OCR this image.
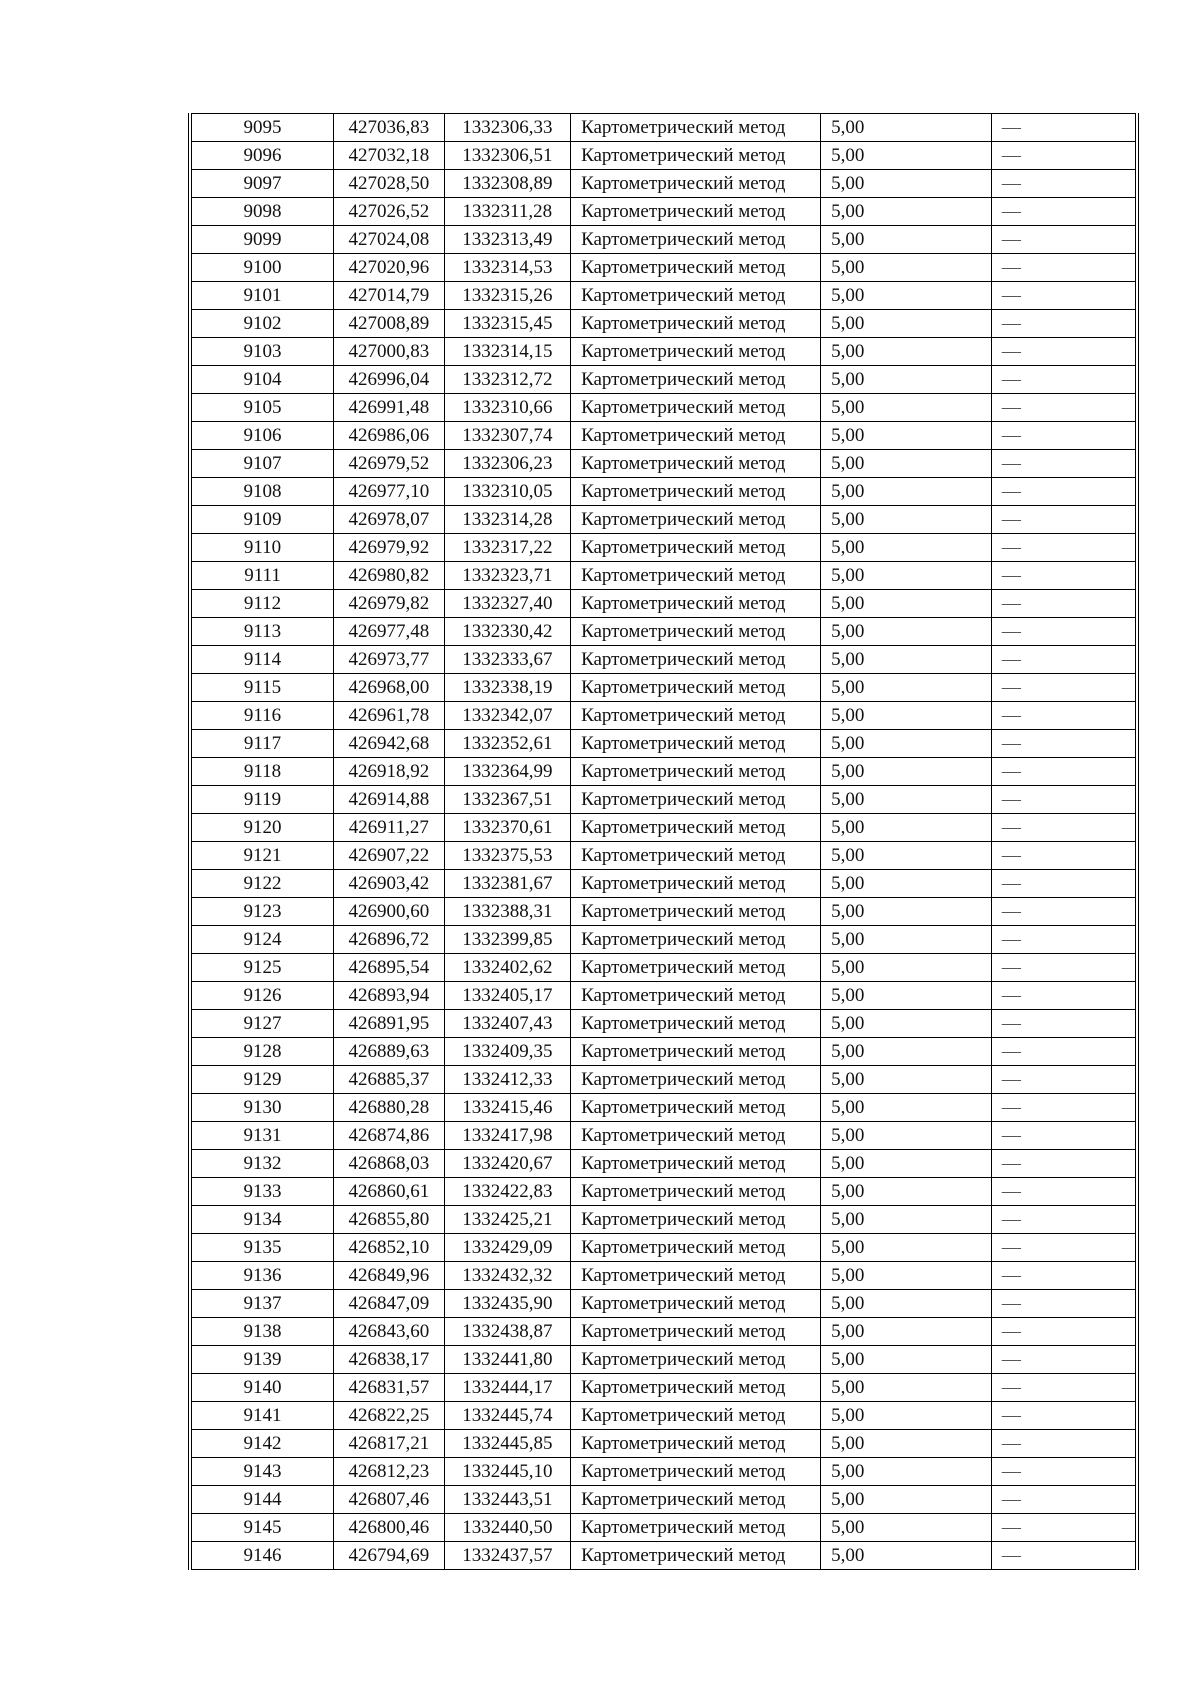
9095	427036,83	1332306,33	Картометрический метод	5,00	—
9096	427032,18	1332306,51	Картометрический метод	5,00	—
9097	427028,50	1332308,89	Картометрический метод	5,00	—
9098	427026,52	1332311,28	Картометрический метод	5,00	—
9099	427024,08	1332313,49	Картометрический метод	5,00	—
9100	427020,96	1332314,53	Картометрический метод	5,00	—
9101	427014,79	1332315,26	Картометрический метод	5,00	—
9102	427008,89	1332315,45	Картометрический метод	5,00	—
9103	427000,83	1332314,15	Картометрический метод	5,00	—
9104	426996,04	1332312,72	Картометрический метод	5,00	—
9105	426991,48	1332310,66	Картометрический метод	5,00	—
9106	426986,06	1332307,74	Картометрический метод	5,00	—
9107	426979,52	1332306,23	Картометрический метод	5,00	—
9108	426977,10	1332310,05	Картометрический метод	5,00	—
9109	426978,07	1332314,28	Картометрический метод	5,00	—
9110	426979,92	1332317,22	Картометрический метод	5,00	—
9111	426980,82	1332323,71	Картометрический метод	5,00	—
9112	426979,82	1332327,40	Картометрический метод	5,00	—
9113	426977,48	1332330,42	Картометрический метод	5,00	—
9114	426973,77	1332333,67	Картометрический метод	5,00	—
9115	426968,00	1332338,19	Картометрический метод	5,00	—
9116	426961,78	1332342,07	Картометрический метод	5,00	—
9117	426942,68	1332352,61	Картометрический метод	5,00	—
9118	426918,92	1332364,99	Картометрический метод	5,00	—
9119	426914,88	1332367,51	Картометрический метод	5,00	—
9120	426911,27	1332370,61	Картометрический метод	5,00	—
9121	426907,22	1332375,53	Картометрический метод	5,00	—
9122	426903,42	1332381,67	Картометрический метод	5,00	—
9123	426900,60	1332388,31	Картометрический метод	5,00	—
9124	426896,72	1332399,85	Картометрический метод	5,00	—
9125	426895,54	1332402,62	Картометрический метод	5,00	—
9126	426893,94	1332405,17	Картометрический метод	5,00	—
9127	426891,95	1332407,43	Картометрический метод	5,00	—
9128	426889,63	1332409,35	Картометрический метод	5,00	—
9129	426885,37	1332412,33	Картометрический метод	5,00	—
9130	426880,28	1332415,46	Картометрический метод	5,00	—
9131	426874,86	1332417,98	Картометрический метод	5,00	—
9132	426868,03	1332420,67	Картометрический метод	5,00	—
9133	426860,61	1332422,83	Картометрический метод	5,00	—
9134	426855,80	1332425,21	Картометрический метод	5,00	—
9135	426852,10	1332429,09	Картометрический метод	5,00	—
9136	426849,96	1332432,32	Картометрический метод	5,00	—
9137	426847,09	1332435,90	Картометрический метод	5,00	—
9138	426843,60	1332438,87	Картометрический метод	5,00	—
9139	426838,17	1332441,80	Картометрический метод	5,00	—
9140	426831,57	1332444,17	Картометрический метод	5,00	—
9141	426822,25	1332445,74	Картометрический метод	5,00	—
9142	426817,21	1332445,85	Картометрический метод	5,00	—
9143	426812,23	1332445,10	Картометрический метод	5,00	—
9144	426807,46	1332443,51	Картометрический метод	5,00	—
9145	426800,46	1332440,50	Картометрический метод	5,00	—
9146	426794,69	1332437,57	Картометрический метод	5,00	—
